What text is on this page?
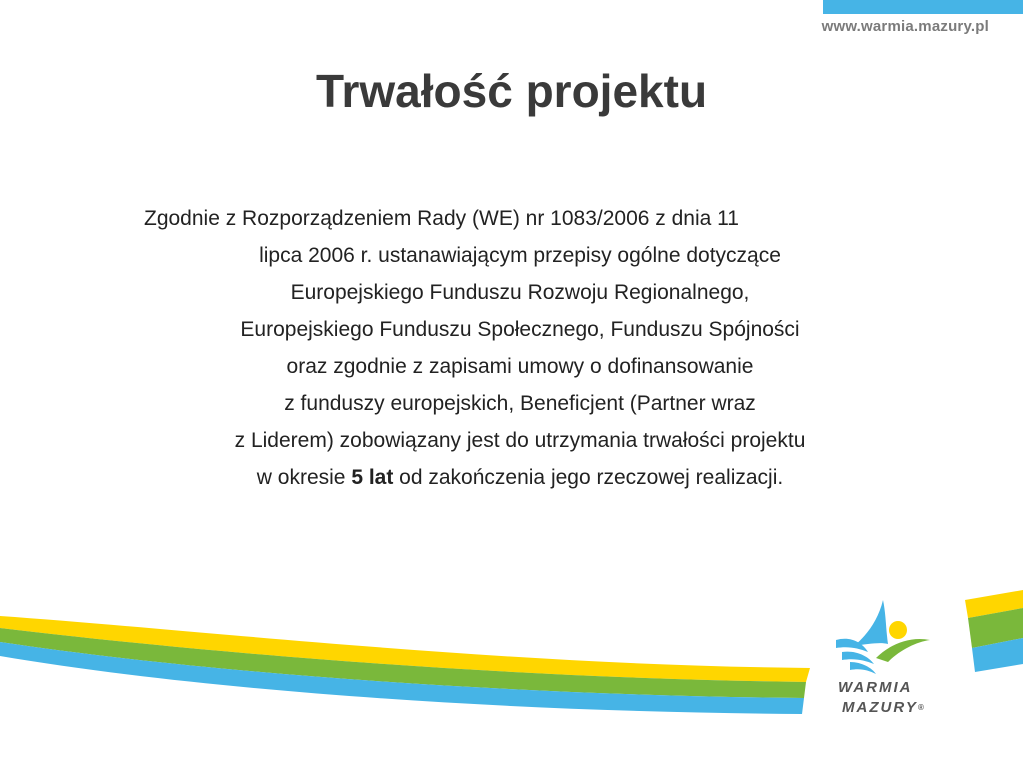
www.warmia.mazury.pl
Trwałość projektu
Zgodnie z Rozporządzeniem Rady (WE) nr 1083/2006 z dnia 11
lipca 2006 r. ustanawiającym przepisy ogólne dotyczące
Europejskiego Funduszu Rozwoju Regionalnego,
Europejskiego Funduszu Społecznego, Funduszu Spójności
oraz zgodnie z zapisami umowy o dofinansowanie
z funduszy europejskich, Beneficjent (Partner wraz
z Liderem) zobowiązany jest do utrzymania trwałości projektu
w okresie 5 lat od zakończenia jego rzeczowej realizacji.
WARMIA
MAZURY®
